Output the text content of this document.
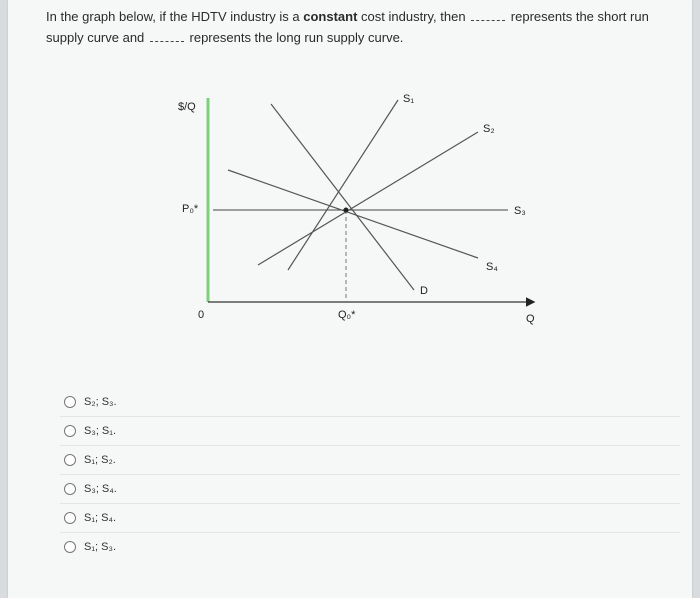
In the graph below, if the HDTV industry is a constant cost industry, then	represents the short run supply curve and	represents the long run supply curve.
$/Q
P₀*
0	Q₀*	Q
S₁
S₂
S₃
S₄
D
S₂; S₃.
S₃; S₁.
S₁; S₂.
S₃; S₄.
S₁; S₄.
S₁; S₃.
